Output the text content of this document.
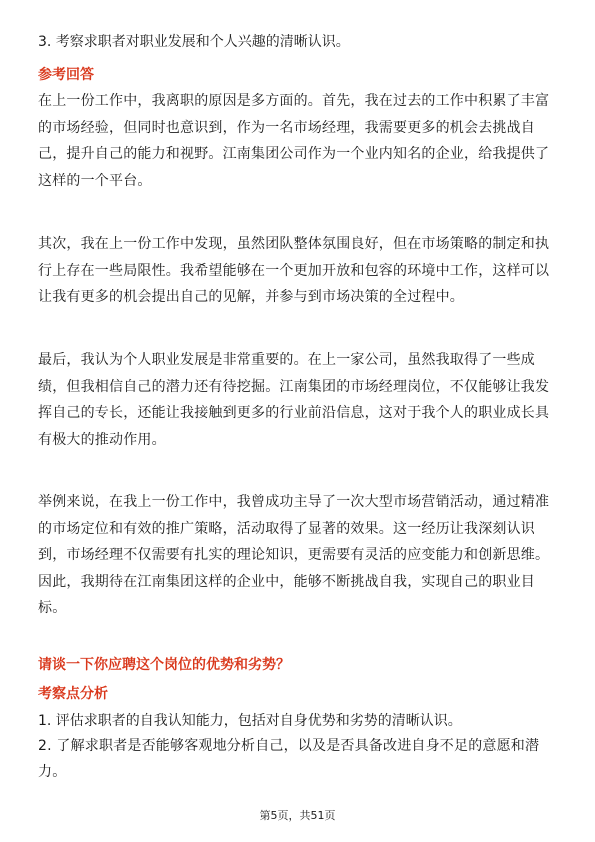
3. 考察求职者对职业发展和个人兴趣的清晰认识。
参考回答
在上一份工作中，我离职的原因是多方面的。首先，我在过去的工作中积累了丰富的市场经验，但同时也意识到，作为一名市场经理，我需要更多的机会去挑战自己，提升自己的能力和视野。江南集团公司作为一个业内知名的企业，给我提供了这样的一个平台。
其次，我在上一份工作中发现，虽然团队整体氛围良好，但在市场策略的制定和执行上存在一些局限性。我希望能够在一个更加开放和包容的环境中工作，这样可以让我有更多的机会提出自己的见解，并参与到市场决策的全过程中。
最后，我认为个人职业发展是非常重要的。在上一家公司，虽然我取得了一些成绩，但我相信自己的潜力还有待挖掘。江南集团的市场经理岗位，不仅能够让我发挥自己的专长，还能让我接触到更多的行业前沿信息，这对于我个人的职业成长具有极大的推动作用。
举例来说，在我上一份工作中，我曾成功主导了一次大型市场营销活动，通过精准的市场定位和有效的推广策略，活动取得了显著的效果。这一经历让我深刻认识到，市场经理不仅需要有扎实的理论知识，更需要有灵活的应变能力和创新思维。因此，我期待在江南集团这样的企业中，能够不断挑战自我，实现自己的职业目标。
请谈一下你应聘这个岗位的优势和劣势？
考察点分析
1. 评估求职者的自我认知能力，包括对自身优势和劣势的清晰认识。
2. 了解求职者是否能够客观地分析自己，以及是否具备改进自身不足的意愿和潜力。
第5页，共51页
